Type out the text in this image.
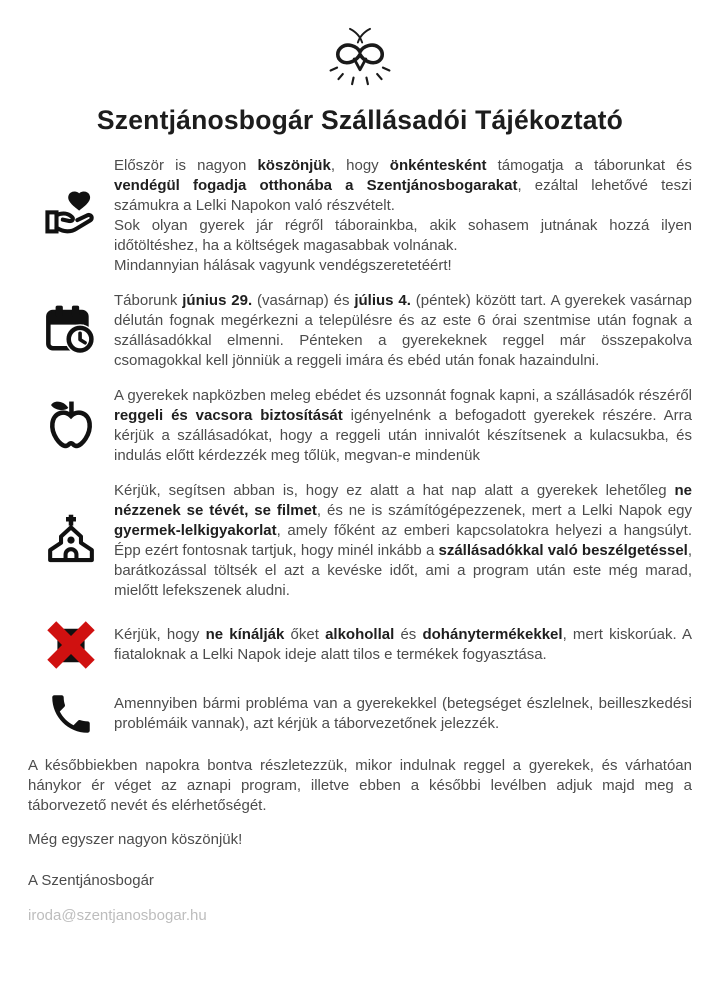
Szentjánosbogár Szállásadói Tájékoztató

Először is nagyon köszönjük, hogy önkéntesként támogatja a táborunkat és vendégül fogadja otthonába a Szentjánosbogarakat, ezáltal lehetővé teszi számukra a Lelki Napokon való részvételt.

Sok olyan gyerek jár régről táborainkba, akik sohasem jutnának hozzá ilyen időtöltéshez, ha a költségek magasabbak volnának.

Mindannyian hálásak vagyunk vendégszeretetéért!

Táborunk június 29. (vasárnap) és július 4. (péntek) között tart. A gyerekek vasárnap délután fognak megérkezni a településre és az este 6 órai szentmise után fognak a szállásadókkal elmenni. Pénteken a gyerekeknek reggel már összepakolva csomagokkal kell jönniük a reggeli imára és ebéd után fonak hazaindulni.

A gyerekek napközben meleg ebédet és uzsonnát fognak kapni, a szállásadók részéről reggeli és vacsora biztosítását igényelnénk a befogadott gyerekek részére. Arra kérjük a szállásadókat, hogy a reggeli után innivalót készítsenek a kulacsukba, és indulás előtt kérdezzék meg tőlük, megvan-e mindenük

Kérjük, segítsen abban is, hogy ez alatt a hat nap alatt a gyerekek lehetőleg ne nézzenek se tévét, se filmet, és ne is számítógépezzenek, mert a Lelki Napok egy gyermek-lelkigyakorlat, amely főként az emberi kapcsolatokra helyezi a hangsúlyt. Épp ezért fontosnak tartjuk, hogy minél inkább a szállásadókkal való beszélgetéssel, barátkozással töltsék el azt a kevéske időt, ami a program után este még marad, mielőtt lefekszenek aludni.

Kérjük, hogy ne kínálják őket alkohollal és dohánytermékekkel, mert kiskorúak. A fiataloknak a Lelki Napok ideje alatt tilos e termékek fogyasztása.

Amennyiben bármi probléma van a gyerekekkel (betegséget észlelnek, beilleszkedési problémáik vannak), azt kérjük a táborvezetőnek jelezzék.

A későbbiekben napokra bontva részletezzük, mikor indulnak reggel a gyerekek, és várhatóan hánykor ér véget az aznapi program, illetve ebben a későbbi levélben adjuk majd meg a táborvezető nevét és elérhetőségét.

Még egyszer nagyon köszönjük!

A Szentjánosbogár

iroda@szentjanosbogar.hu
